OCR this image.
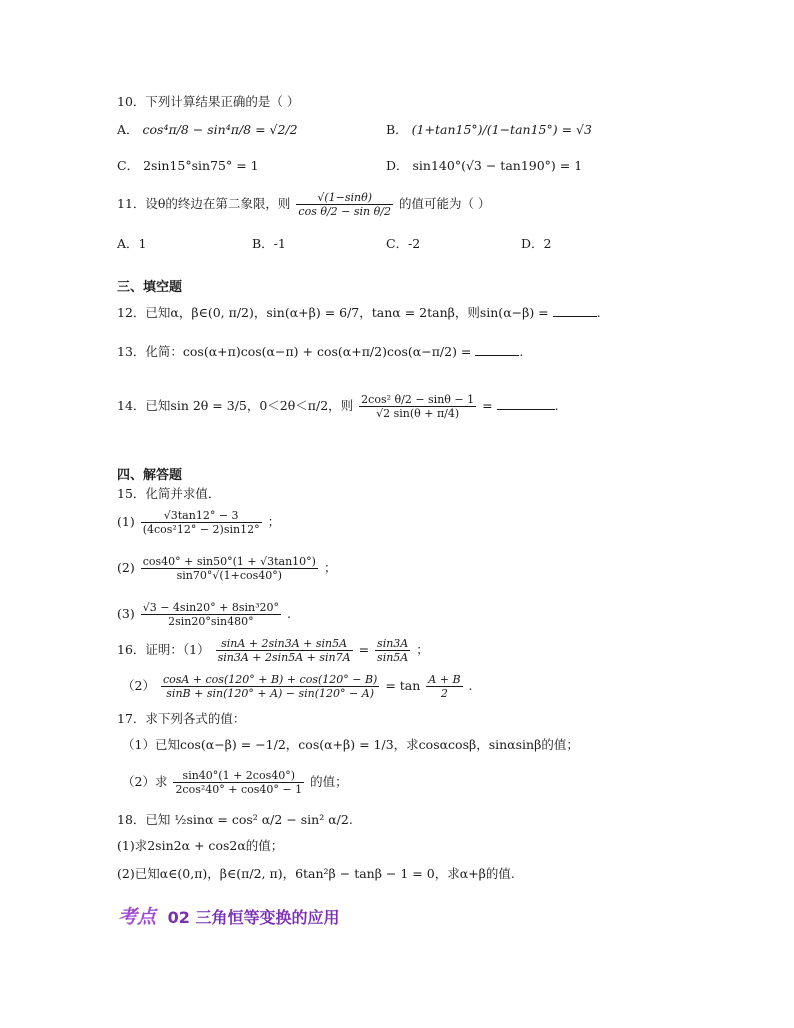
10．下列计算结果正确的是（ ）
A． cos⁴π/8 − sin⁴π/8 = √2/2	B． (1+tan15°)/(1−tan15°) = √3
C． 2sin15°sin75° = 1	D． sin140°(√3 − tan190°) = 1
11．设θ的终边在第二象限，则 $\frac{√(1-\sin\theta)}{\text{cos θ/2 − sin θ/2}}$ 的值可能为（ ）
A．1	B．-1	C．-2	D．2
三、填空题
12．已知α，β∈(0, π/2)，sin(α+β) = 6/7，tanα = 2tanβ，则sin(α−β) =	.
13．化简：cos(α+π)cos(α−π) + cos(α+π/2)cos(α−π/2) =	.
14．已知sin 2θ = 3/5，0＜2θ＜π/2，则 $\frac{\text{2cos² θ/2 − sinθ − 1}}{√2 \sin(\theta + \pi/4)}$ =	.
四、解答题
15．化简并求值．
$(1) \frac{√3\tan 12^\circ - 3}{\text{(4cos²12° − 2)sin12°}}$ ；
$(2) \frac{\cos 40^\circ + \sin 50^\circ(1 + √3\tan 10^\circ)}{\sin 70^\circ√(1+\cos 40^\circ)}$ ；
$(3) \frac{\text{√3 − 4sin20° + 8sin³20°}}{2\sin 20^\circ\sin 480^\circ}$ .
16．证明：$(1) \frac{\sin A + 2\sin 3A + \sin 5A}{\sin 3A + 2\sin 5A + \sin 7A} = \frac{\sin 3A}{\sin 5A}$ ；
$(2) \frac{\cos A + \cos(120^\circ + B) + \cos(120^\circ - B)}{\sin B + \sin(120^\circ + A) - \sin(120^\circ - A)} = \tan \frac{A + B}{2}$ .
17．求下列各式的值：
（1）已知cos(α−β) = −1/2，cos(α+β) = 1/3，求cosαcosβ，sinαsinβ的值；
（2）求 $\frac{\sin 40^\circ(1 + 2\cos 40^\circ)}{\text{2cos²40° + cos40° − 1}}$ 的值；
18．已知 ½sinα = cos² α/2 − sin² α/2.
(1)求2sin2α + cos2α的值；
(2)已知α∈(0,π)，β∈(π/2, π)，6tan²β − tanβ − 1 = 0，求α+β的值.
考点 02 三角恒等变换的应用
